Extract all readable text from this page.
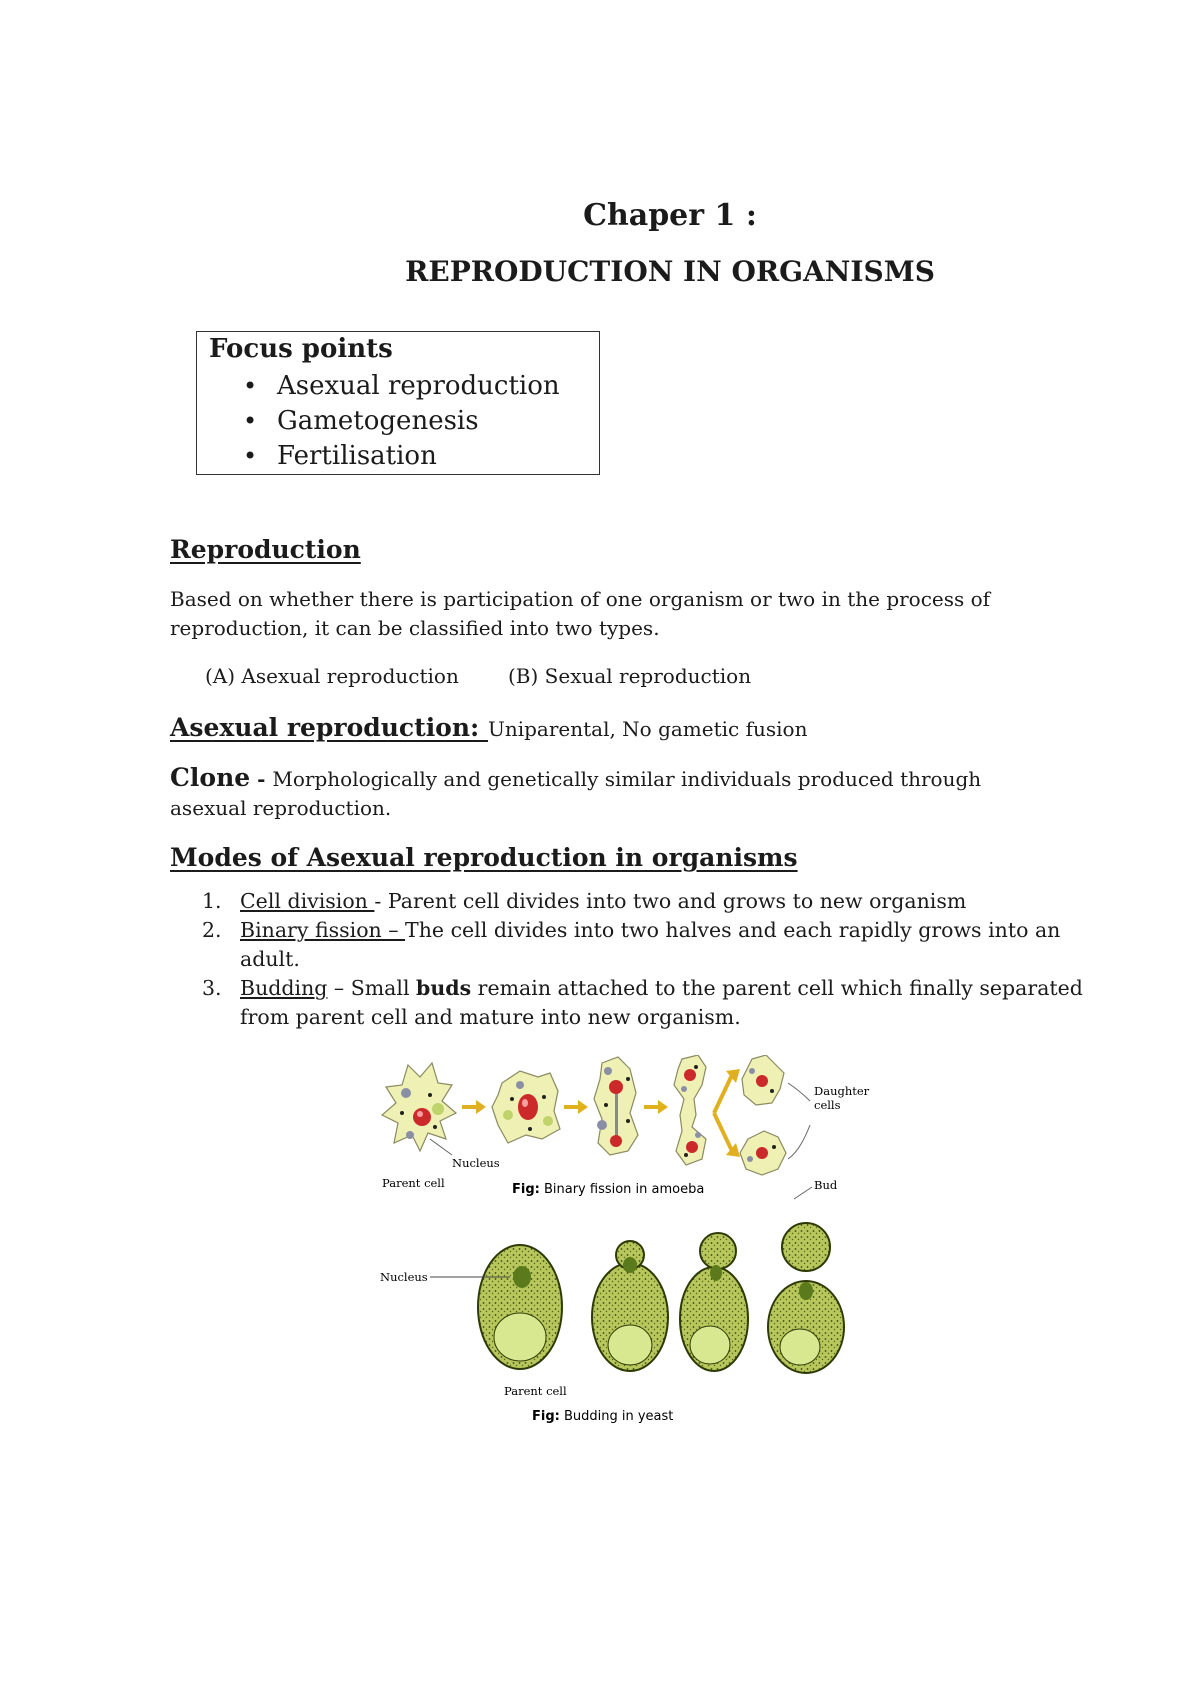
Chaper 1 :
REPRODUCTION IN ORGANISMS
Focus points
• Asexual reproduction
• Gametogenesis
• Fertilisation
Reproduction
Based on whether there is participation of one organism or two in the process of reproduction, it can be classified into two types.
(A) Asexual reproduction (B) Sexual reproduction
Asexual reproduction: Uniparental, No gametic fusion
Clone - Morphologically and genetically similar individuals produced through asexual reproduction.
Modes of Asexual reproduction in organisms
1. Cell division - Parent cell divides into two and grows to new organism
2. Binary fission – The cell divides into two halves and each rapidly grows into an adult.
3. Budding – Small buds remain attached to the parent cell which finally separated from parent cell and mature into new organism.
Daughter
cells
Nucleus
Parent cell	Fig: Binary fission in amoeba	Bud
Nucleus
Parent cell
Fig: Budding in yeast
